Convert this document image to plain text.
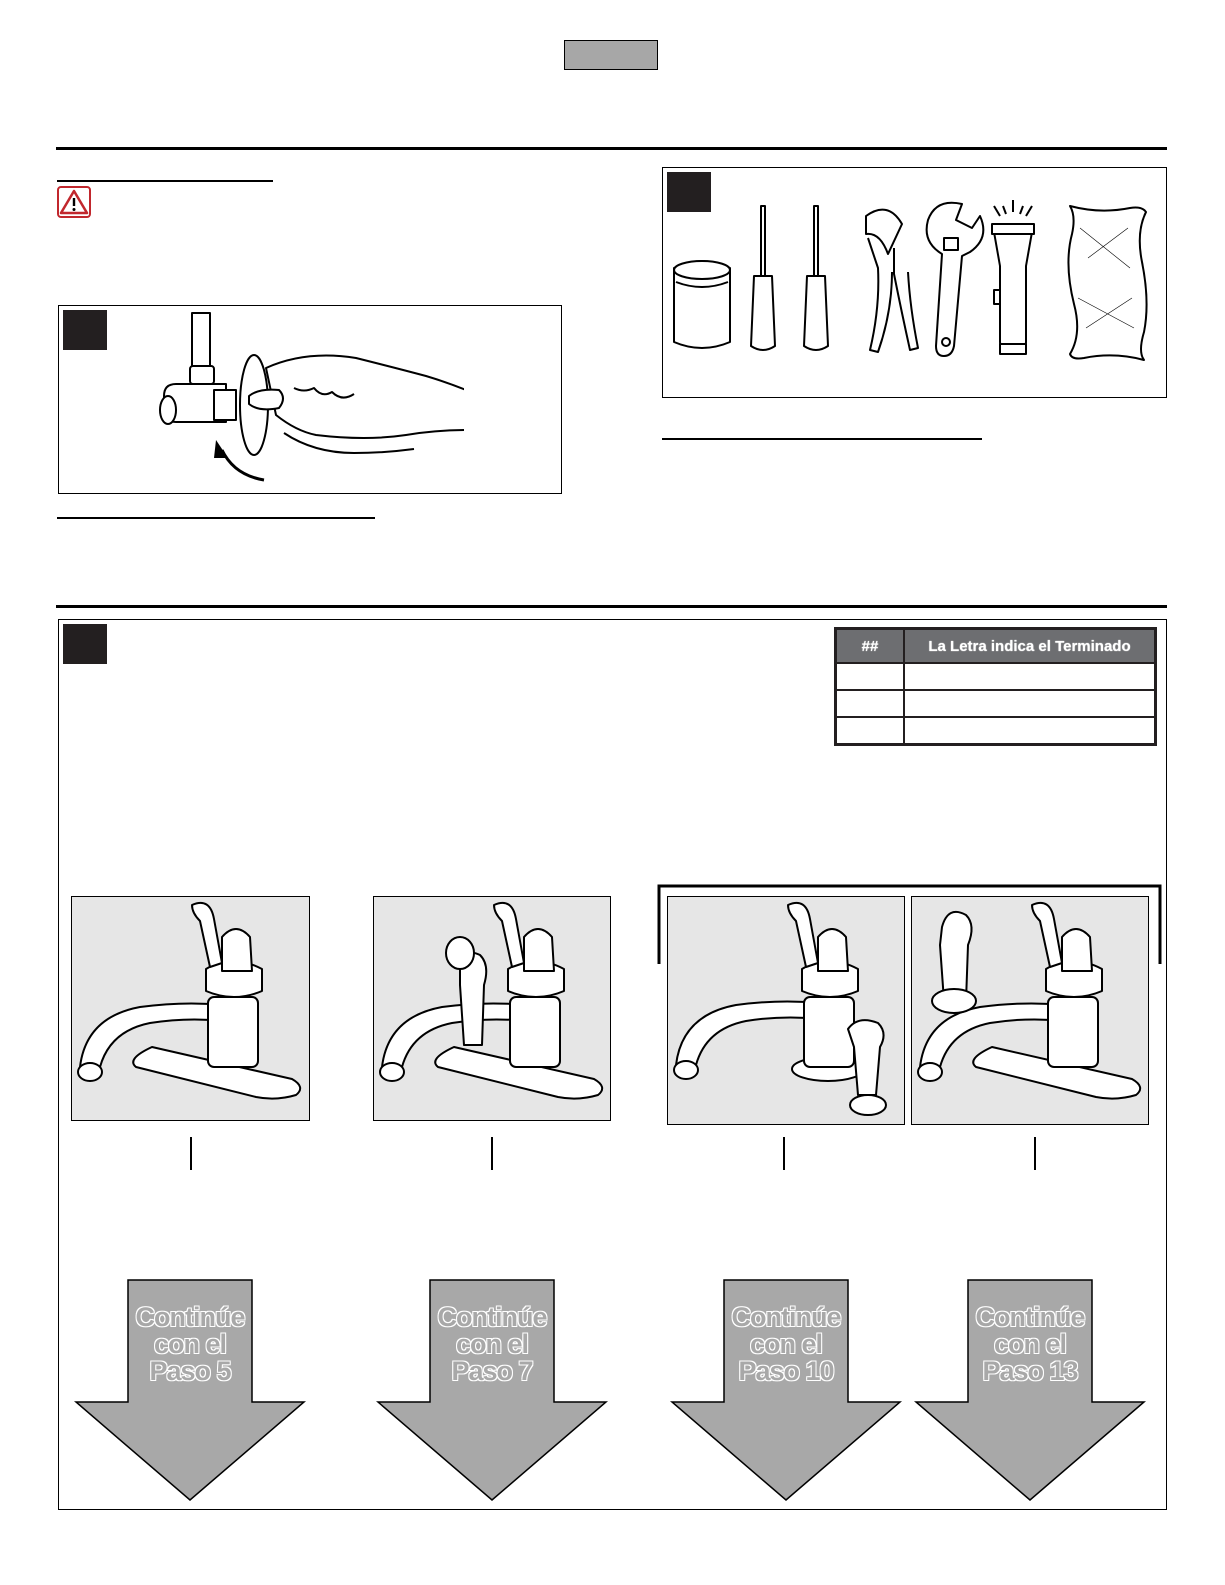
##	La Letra indica el Terminado

Continúe
con el
Paso 5
Continúe
con el
Paso 7
Continúe
con el
Paso 10
Continúe
con el
Paso 13
